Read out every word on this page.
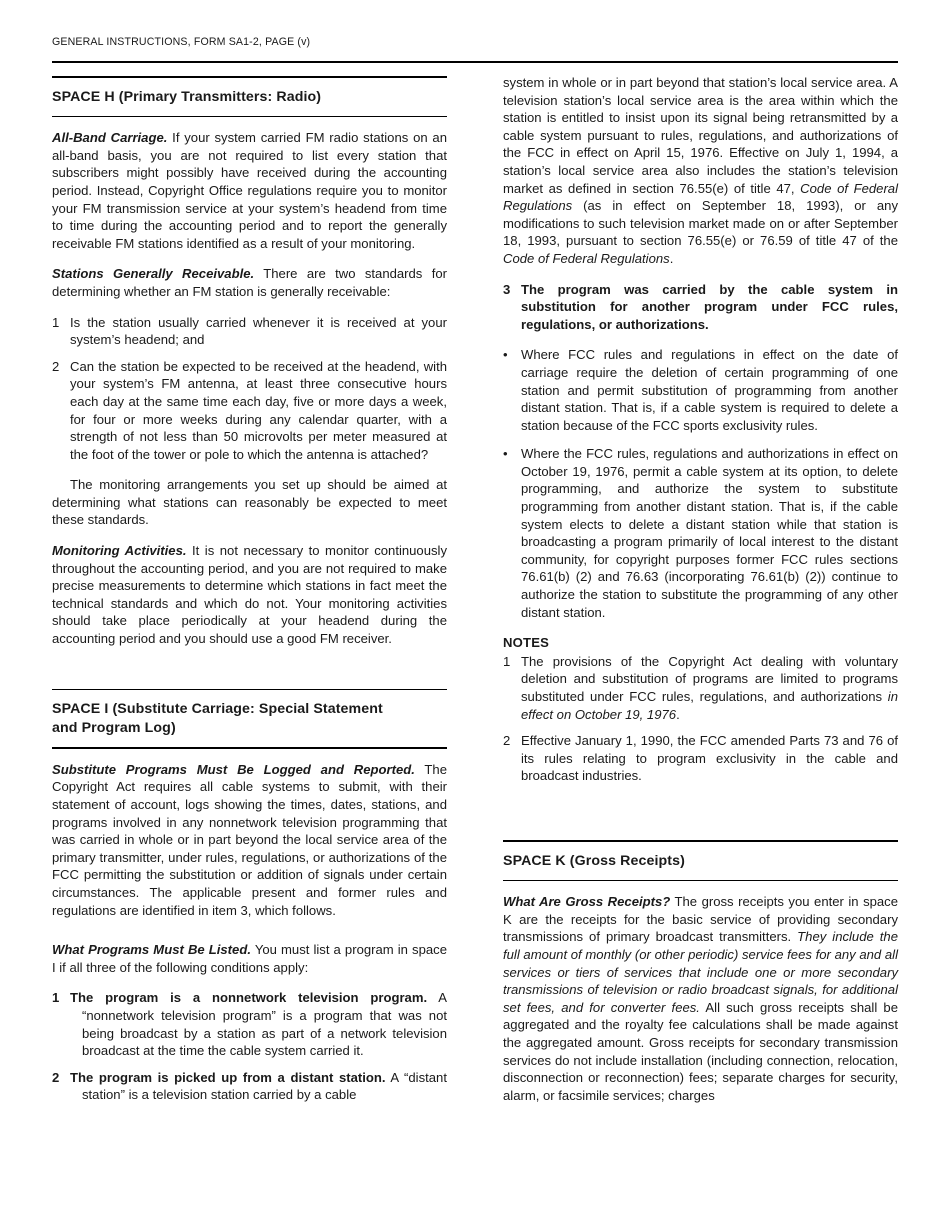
GENERAL INSTRUCTIONS, FORM SA1-2, PAGE (v)
SPACE H (Primary Transmitters: Radio)

All-Band Carriage. If your system carried FM radio stations on an all-band basis, you are not required to list every station that subscribers might possibly have received during the accounting period. Instead, Copyright Office regulations require you to monitor your FM transmission service at your system’s headend from time to time during the accounting period and to report the generally receivable FM stations identified as a result of your monitoring.

Stations Generally Receivable. There are two standards for determining whether an FM station is generally receivable:

1 Is the station usually carried whenever it is received at your system’s headend; and
2 Can the station be expected to be received at the headend, with your system’s FM antenna, at least three consecutive hours each day at the same time each day, five or more days a week, for four or more weeks during any calendar quarter, with a strength of not less than 50 microvolts per meter measured at the foot of the tower or pole to which the antenna is attached?

The monitoring arrangements you set up should be aimed at determining what stations can reasonably be expected to meet these standards.

Monitoring Activities. It is not necessary to monitor continuously throughout the accounting period, and you are not required to make precise measurements to determine which stations in fact meet the technical standards and which do not. Your monitoring activities should take place periodically at your headend during the accounting period and you should use a good FM receiver.

SPACE I (Substitute Carriage: Special Statement
and Program Log)

Substitute Programs Must Be Logged and Reported. The Copyright Act requires all cable systems to submit, with their statement of account, logs showing the times, dates, stations, and programs involved in any nonnetwork television programming that was carried in whole or in part beyond the local service area of the primary transmitter, under rules, regulations, or authorizations of the FCC permitting the substitution or addition of signals under certain circumstances. The applicable present and former rules and regulations are identified in item 3, which follows.

What Programs Must Be Listed. You must list a program in space I if all three of the following conditions apply:

1 The program is a nonnetwork television program. A “nonnetwork television program” is a program that was not being broadcast by a station as part of a network television broadcast at the time the cable system carried it.
2 The program is picked up from a distant station. A “distant station” is a television station carried by a cable

system in whole or in part beyond that station’s local service area. A television station’s local service area is the area within which the station is entitled to insist upon its signal being retransmitted by a cable system pursuant to rules, regulations, and authorizations of the FCC in effect on April 15, 1976. Effective on July 1, 1994, a station’s local service area also includes the station’s television market as defined in section 76.55(e) of title 47, Code of Federal Regulations (as in effect on September 18, 1993), or any modifications to such television market made on or after September 18, 1993, pursuant to section 76.55(e) or 76.59 of title 47 of the Code of Federal Regulations.

3 The program was carried by the cable system in substitution for another program under FCC rules, regulations, or authorizations.
•	Where FCC rules and regulations in effect on the date of carriage require the deletion of certain programming of one station and permit substitution of programming from another distant station. That is, if a cable system is required to delete a station because of the FCC sports exclusivity rules.
•	Where the FCC rules, regulations and authorizations in effect on October 19, 1976, permit a cable system at its option, to delete programming, and authorize the system to substitute programming from another distant station. That is, if the cable system elects to delete a distant station while that station is broadcasting a program primarily of local interest to the distant community, for copyright purposes former FCC rules sections 76.61(b) (2) and 76.63 (incorporating 76.61(b) (2)) continue to authorize the station to substitute the programming of any other distant station.
NOTES
1 The provisions of the Copyright Act dealing with voluntary deletion and substitution of programs are limited to programs substituted under FCC rules, regulations, and authorizations in effect on October 19, 1976.
2 Effective January 1, 1990, the FCC amended Parts 73 and 76 of its rules relating to program exclusivity in the cable and broadcast industries.
SPACE K (Gross Receipts)

What Are Gross Receipts? The gross receipts you enter in space K are the receipts for the basic service of providing secondary transmissions of primary broadcast transmitters. They include the full amount of monthly (or other periodic) service fees for any and all services or tiers of services that include one or more secondary transmissions of television or radio broadcast signals, for additional set fees, and for converter fees. All such gross receipts shall be aggregated and the royalty fee calculations shall be made against the aggregated amount. Gross receipts for secondary transmission services do not include installation (including connection, relocation, disconnection or reconnection) fees; separate charges for security, alarm, or facsimile services; charges
